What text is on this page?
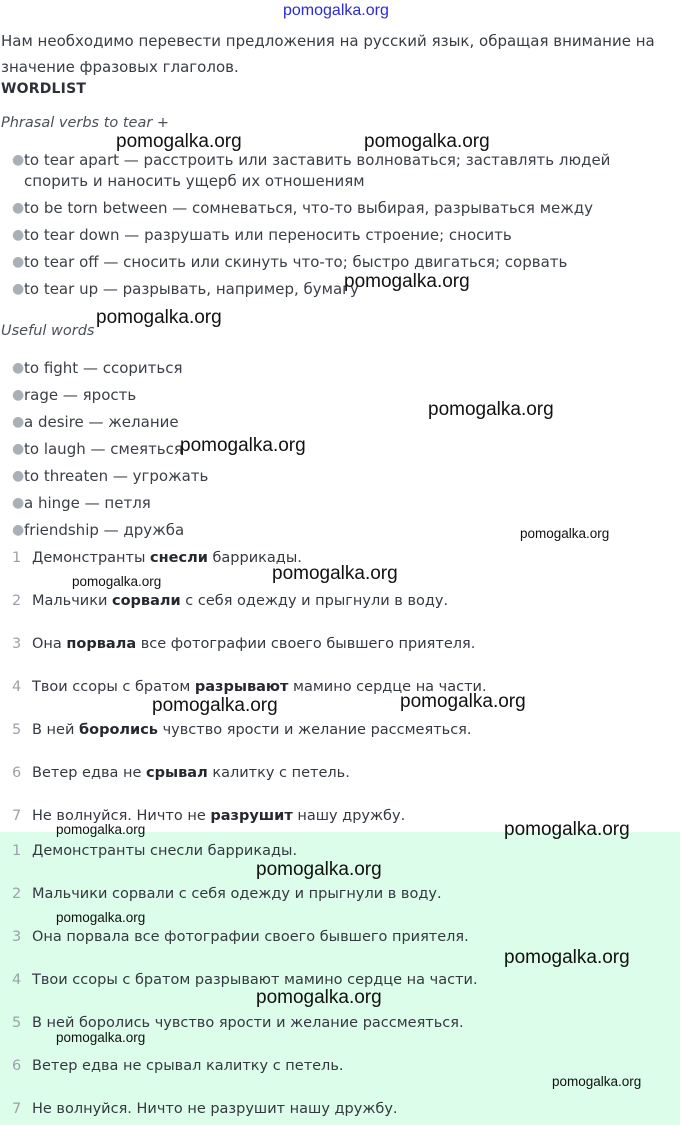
pomogalka.org
Нам необходимо перевести предложения на русский язык, обращая внимание на значение фразовых глаголов.
WORDLIST
Phrasal verbs to tear +
● to tear apart — расстроить или заставить волноваться; заставлять людей спорить и наносить ущерб их отношениям
● to be torn between — сомневаться, что-то выбирая, разрываться между
● to tear down — разрушать или переносить строение; сносить
● to tear off — сносить или скинуть что-то; быстро двигаться; сорвать
● to tear up — разрывать, например, бумагу
Useful words
● to fight — ссориться
● rage — ярость
● a desire — желание
● to laugh — смеяться
● to threaten — угрожать
● a hinge — петля
● friendship — дружба
1 Демонстранты снесли баррикады.
2 Мальчики сорвали с себя одежду и прыгнули в воду.
3 Она порвала все фотографии своего бывшего приятеля.
4 Твои ссоры с братом разрывают мамино сердце на части.
5 В ней боролись чувство ярости и желание рассмеяться.
6 Ветер едва не срывал калитку с петель.
7 Не волнуйся. Ничто не разрушит нашу дружбу.
1 Демонстранты снесли баррикады.
2 Мальчики сорвали с себя одежду и прыгнули в воду.
3 Она порвала все фотографии своего бывшего приятеля.
4 Твои ссоры с братом разрывают мамино сердце на части.
5 В ней боролись чувство ярости и желание рассмеяться.
6 Ветер едва не срывал калитку с петель.
7 Не волнуйся. Ничто не разрушит нашу дружбу.
pomogalka.org	pomogalka.org
pomogalka.org
pomogalka.org
pomogalka.org
pomogalka.org
pomogalka.org
pomogalka.org
pomogalka.org
pomogalka.org
pomogalka.org
pomogalka.org	pomogalka.org
pomogalka.org
pomogalka.org
pomogalka.org
pomogalka.org
pomogalka.org
pomogalka.org
